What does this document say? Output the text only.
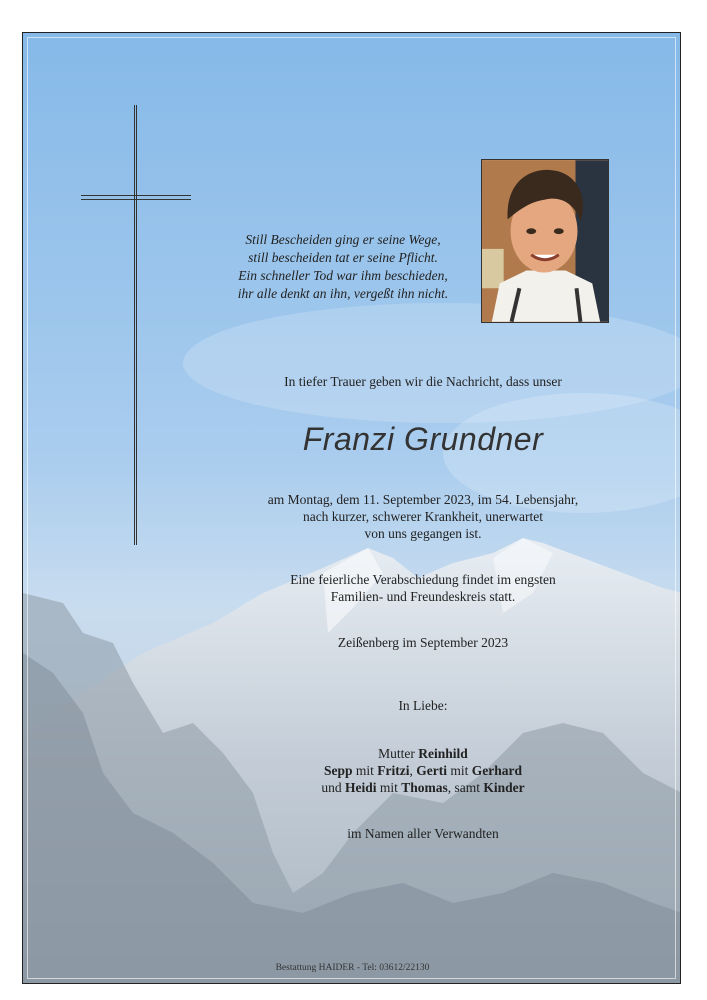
Still Bescheiden ging er seine Wege,
still bescheiden tat er seine Pflicht.
Ein schneller Tod war ihm beschieden,
ihr alle denkt an ihn, vergeßt ihn nicht.
In tiefer Trauer geben wir die Nachricht, dass unser
Franzi Grundner
am Montag, dem 11. September 2023, im 54. Lebensjahr,
nach kurzer, schwerer Krankheit, unerwartet
von uns gegangen ist.
Eine feierliche Verabschiedung findet im engsten
Familien- und Freundeskreis statt.
Zeißenberg im September 2023
In Liebe:
Mutter Reinhild
Sepp mit Fritzi, Gerti mit Gerhard
und Heidi mit Thomas, samt Kinder
im Namen aller Verwandten
Bestattung HAIDER - Tel: 03612/22130
